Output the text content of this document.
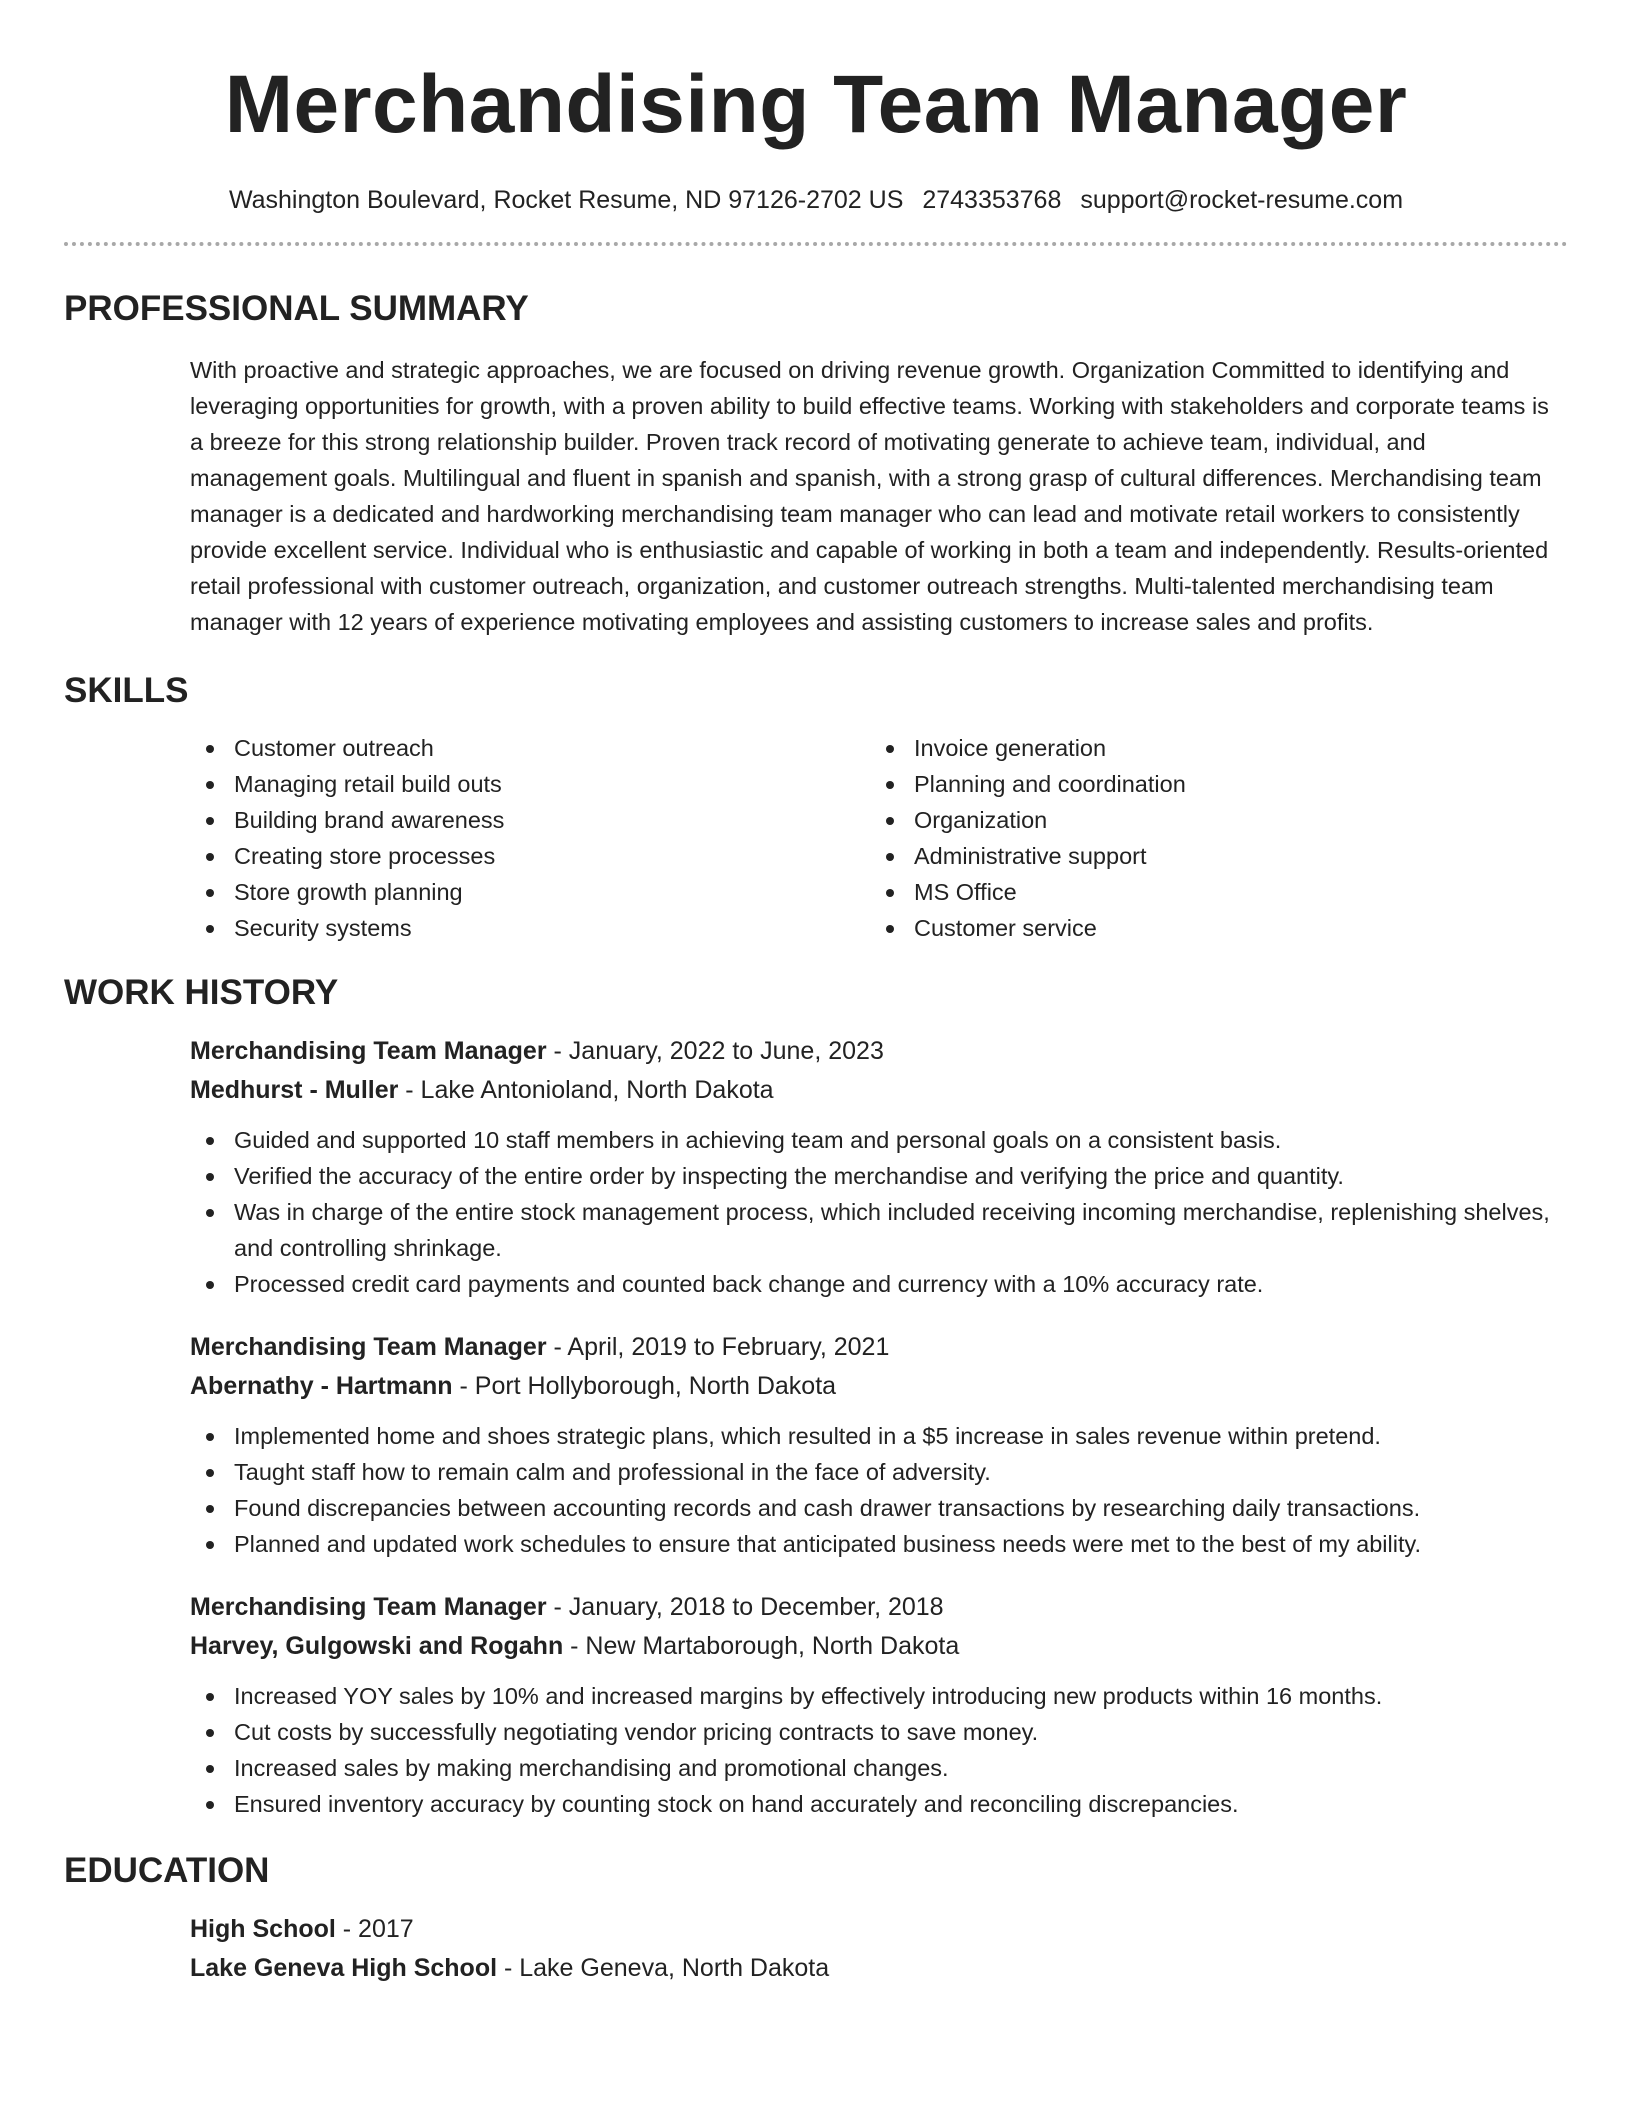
Merchandising Team Manager
Washington Boulevard, Rocket Resume, ND 97126-2702 US 2743353768 support@rocket-resume.com
PROFESSIONAL SUMMARY

With proactive and strategic approaches, we are focused on driving revenue growth. Organization Committed to identifying and leveraging opportunities for growth, with a proven ability to build effective teams. Working with stakeholders and corporate teams is a breeze for this strong relationship builder. Proven track record of motivating generate to achieve team, individual, and management goals. Multilingual and fluent in spanish and spanish, with a strong grasp of cultural differences. Merchandising team manager is a dedicated and hardworking merchandising team manager who can lead and motivate retail workers to consistently provide excellent service. Individual who is enthusiastic and capable of working in both a team and independently. Results-oriented retail professional with customer outreach, organization, and customer outreach strengths. Multi-talented merchandising team manager with 12 years of experience motivating employees and assisting customers to increase sales and profits.

SKILLS
Customer outreach
Managing retail build outs
Building brand awareness
Creating store processes
Store growth planning
Security systems
Invoice generation
Planning and coordination
Organization
Administrative support
MS Office
Customer service
WORK HISTORY
Merchandising Team Manager - January, 2022 to June, 2023
Medhurst - Muller - Lake Antonioland, North Dakota
Guided and supported 10 staff members in achieving team and personal goals on a consistent basis.
Verified the accuracy of the entire order by inspecting the merchandise and verifying the price and quantity.
Was in charge of the entire stock management process, which included receiving incoming merchandise, replenishing shelves, and controlling shrinkage.
Processed credit card payments and counted back change and currency with a 10% accuracy rate.
Merchandising Team Manager - April, 2019 to February, 2021
Abernathy - Hartmann - Port Hollyborough, North Dakota
Implemented home and shoes strategic plans, which resulted in a $5 increase in sales revenue within pretend.
Taught staff how to remain calm and professional in the face of adversity.
Found discrepancies between accounting records and cash drawer transactions by researching daily transactions.
Planned and updated work schedules to ensure that anticipated business needs were met to the best of my ability.
Merchandising Team Manager - January, 2018 to December, 2018
Harvey, Gulgowski and Rogahn - New Martaborough, North Dakota
Increased YOY sales by 10% and increased margins by effectively introducing new products within 16 months.
Cut costs by successfully negotiating vendor pricing contracts to save money.
Increased sales by making merchandising and promotional changes.
Ensured inventory accuracy by counting stock on hand accurately and reconciling discrepancies.
EDUCATION
High School - 2017
Lake Geneva High School - Lake Geneva, North Dakota
